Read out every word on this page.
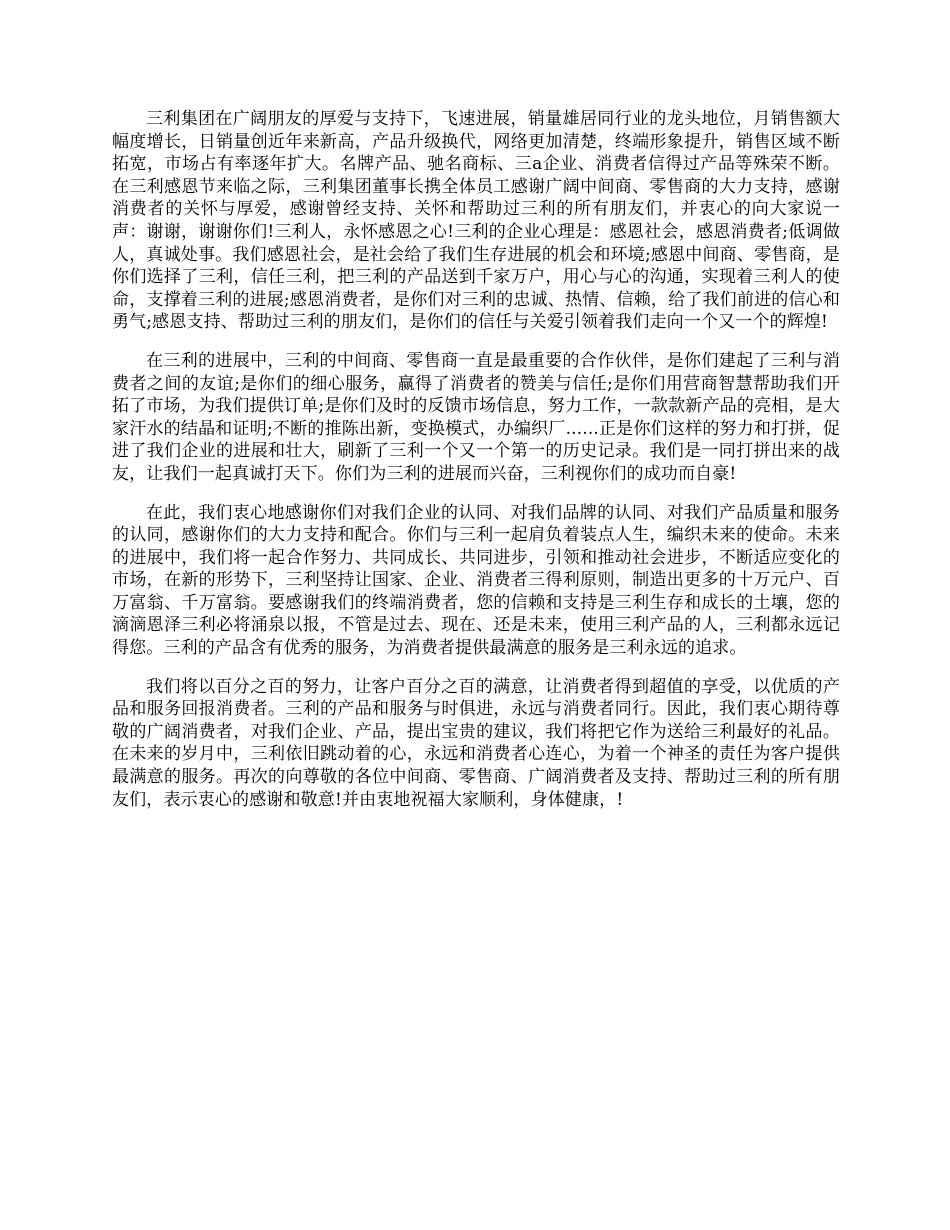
三利集团在广阔朋友的厚爱与支持下，飞速进展，销量雄居同行业的龙头地位，月销售额大幅度增长，日销量创近年来新高，产品升级换代，网络更加清楚，终端形象提升，销售区域不断拓宽，市场占有率逐年扩大。名牌产品、驰名商标、三a企业、消费者信得过产品等殊荣不断。在三利感恩节来临之际，三利集团董事长携全体员工感谢广阔中间商、零售商的大力支持，感谢消费者的关怀与厚爱，感谢曾经支持、关怀和帮助过三利的所有朋友们，并衷心的向大家说一声：谢谢，谢谢你们!三利人，永怀感恩之心!三利的企业心理是：感恩社会，感恩消费者;低调做人，真诚处事。我们感恩社会，是社会给了我们生存进展的机会和环境;感恩中间商、零售商，是你们选择了三利，信任三利，把三利的产品送到千家万户，用心与心的沟通，实现着三利人的使命，支撑着三利的进展;感恩消费者，是你们对三利的忠诚、热情、信赖，给了我们前进的信心和勇气;感恩支持、帮助过三利的朋友们，是你们的信任与关爱引领着我们走向一个又一个的辉煌!

在三利的进展中，三利的中间商、零售商一直是最重要的合作伙伴，是你们建起了三利与消费者之间的友谊;是你们的细心服务，赢得了消费者的赞美与信任;是你们用营商智慧帮助我们开拓了市场，为我们提供订单;是你们及时的反馈市场信息，努力工作，一款款新产品的亮相，是大家汗水的结晶和证明;不断的推陈出新，变换模式，办编织厂......正是你们这样的努力和打拼，促进了我们企业的进展和壮大，刷新了三利一个又一个第一的历史记录。我们是一同打拼出来的战友，让我们一起真诚打天下。你们为三利的进展而兴奋，三利视你们的成功而自豪!

在此，我们衷心地感谢你们对我们企业的认同、对我们品牌的认同、对我们产品质量和服务的认同，感谢你们的大力支持和配合。你们与三利一起肩负着装点人生，编织未来的使命。未来的进展中，我们将一起合作努力、共同成长、共同进步，引领和推动社会进步，不断适应变化的市场，在新的形势下，三利坚持让国家、企业、消费者三得利原则，制造出更多的十万元户、百万富翁、千万富翁。要感谢我们的终端消费者，您的信赖和支持是三利生存和成长的土壤，您的滴滴恩泽三利必将涌泉以报，不管是过去、现在、还是未来，使用三利产品的人，三利都永远记得您。三利的产品含有优秀的服务，为消费者提供最满意的服务是三利永远的追求。

我们将以百分之百的努力，让客户百分之百的满意，让消费者得到超值的享受，以优质的产品和服务回报消费者。三利的产品和服务与时俱进，永远与消费者同行。因此，我们衷心期待尊敬的广阔消费者，对我们企业、产品，提出宝贵的建议，我们将把它作为送给三利最好的礼品。在未来的岁月中，三利依旧跳动着的心，永远和消费者心连心，为着一个神圣的责任为客户提供最满意的服务。再次的向尊敬的各位中间商、零售商、广阔消费者及支持、帮助过三利的所有朋友们，表示衷心的感谢和敬意!并由衷地祝福大家顺利，身体健康，!
